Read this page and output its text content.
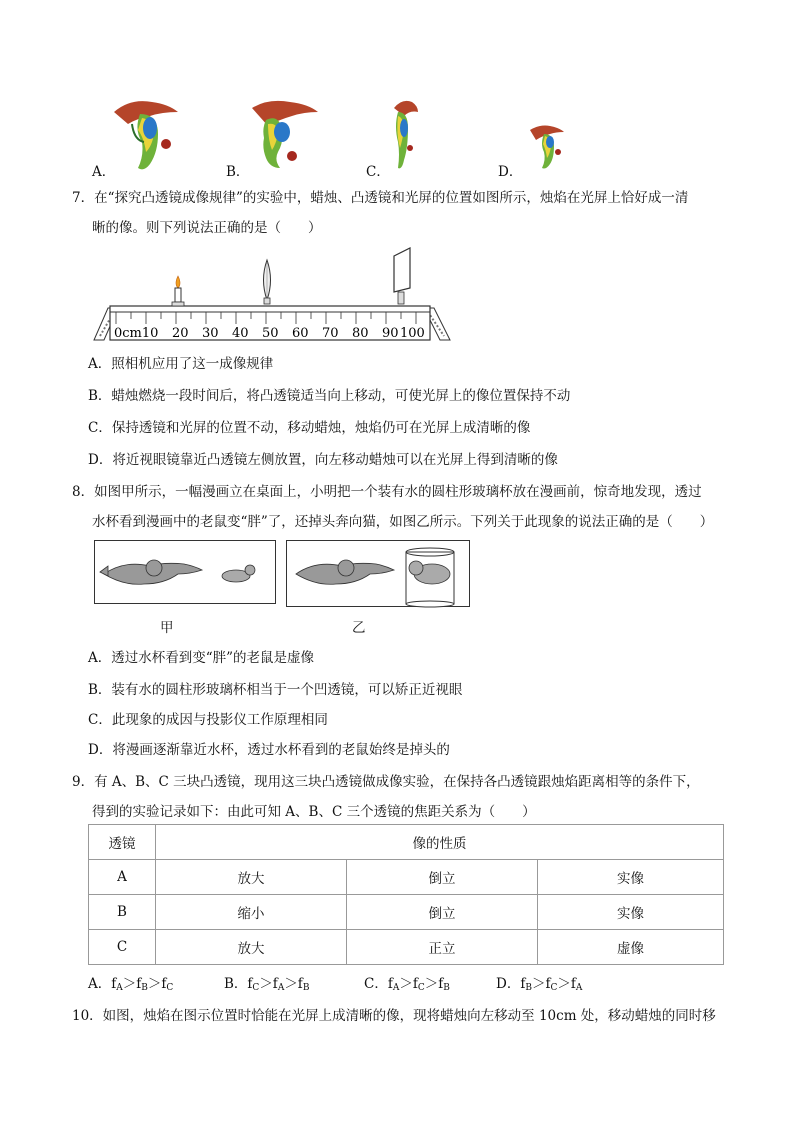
A．	B．	C．	D．
7．在“探究凸透镜成像规律”的实验中，蜡烛、凸透镜和光屏的位置如图所示，烛焰在光屏上恰好成一清
晰的像。则下列说法正确的是（　　）
0cm10 20 30 40 50 60 70 80 90 100
A．照相机应用了这一成像规律
B．蜡烛燃烧一段时间后，将凸透镜适当向上移动，可使光屏上的像位置保持不动
C．保持透镜和光屏的位置不动，移动蜡烛，烛焰仍可在光屏上成清晰的像
D．将近视眼镜靠近凸透镜左侧放置，向左移动蜡烛可以在光屏上得到清晰的像
8．如图甲所示，一幅漫画立在桌面上，小明把一个装有水的圆柱形玻璃杯放在漫画前，惊奇地发现，透过
水杯看到漫画中的老鼠变“胖”了，还掉头奔向猫，如图乙所示。下列关于此现象的说法正确的是（　　）
甲	乙
A．透过水杯看到变“胖”的老鼠是虚像
B．装有水的圆柱形玻璃杯相当于一个凹透镜，可以矫正近视眼
C．此现象的成因与投影仪工作原理相同
D．将漫画逐渐靠近水杯，透过水杯看到的老鼠始终是掉头的
9．有 A、B、C 三块凸透镜，现用这三块凸透镜做成像实验，在保持各凸透镜跟烛焰距离相等的条件下，
得到的实验记录如下：由此可知 A、B、C 三个透镜的焦距关系为（　　）
透镜	像的性质		
A	放大	倒立	实像
B	缩小	倒立	实像
C	放大	正立	虚像
A．$f_A>f_B>f_C$	B．$f_C>f_A>f_B$	C．$f_A>f_C>f_B$	D．$f_B>f_C>f_A$
10．如图，烛焰在图示位置时恰能在光屏上成清晰的像，现将蜡烛向左移动至 10cm 处，移动蜡烛的同时移
